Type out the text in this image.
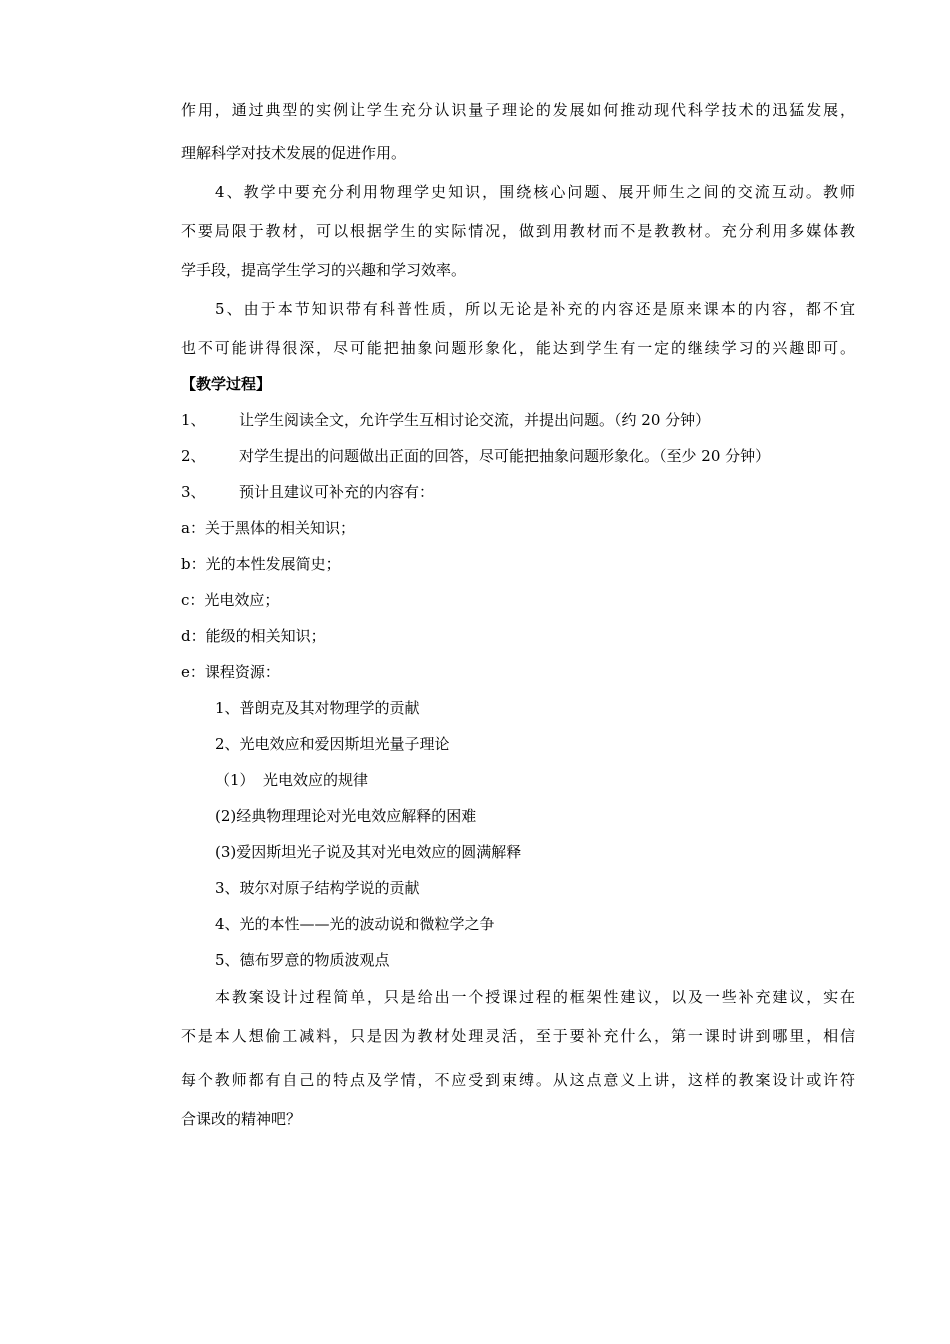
作用，通过典型的实例让学生充分认识量子理论的发展如何推动现代科学技术的迅猛发展，
理解科学对技术发展的促进作用。
4、教学中要充分利用物理学史知识，围绕核心问题、展开师生之间的交流互动。教师
不要局限于教材，可以根据学生的实际情况，做到用教材而不是教教材。充分利用多媒体教
学手段，提高学生学习的兴趣和学习效率。
5、由于本节知识带有科普性质，所以无论是补充的内容还是原来课本的内容，都不宜
也不可能讲得很深，尽可能把抽象问题形象化，能达到学生有一定的继续学习的兴趣即可。
【教学过程】
1、 让学生阅读全文，允许学生互相讨论交流，并提出问题。（约 20 分钟）
2、 对学生提出的问题做出正面的回答，尽可能把抽象问题形象化。（至少 20 分钟）
3、 预计且建议可补充的内容有：
a：关于黑体的相关知识；
b：光的本性发展简史；
c：光电效应；
d：能级的相关知识；
e：课程资源：
1、普朗克及其对物理学的贡献
2、光电效应和爱因斯坦光量子理论
（1） 光电效应的规律
(2)经典物理理论对光电效应解释的困难
(3)爱因斯坦光子说及其对光电效应的圆满解释
3、玻尔对原子结构学说的贡献
4、光的本性——光的波动说和微粒学之争
5、德布罗意的物质波观点
本教案设计过程简单，只是给出一个授课过程的框架性建议，以及一些补充建议，实在
不是本人想偷工减料，只是因为教材处理灵活，至于要补充什么，第一课时讲到哪里，相信
每个教师都有自己的特点及学情，不应受到束缚。从这点意义上讲，这样的教案设计或许符
合课改的精神吧？
